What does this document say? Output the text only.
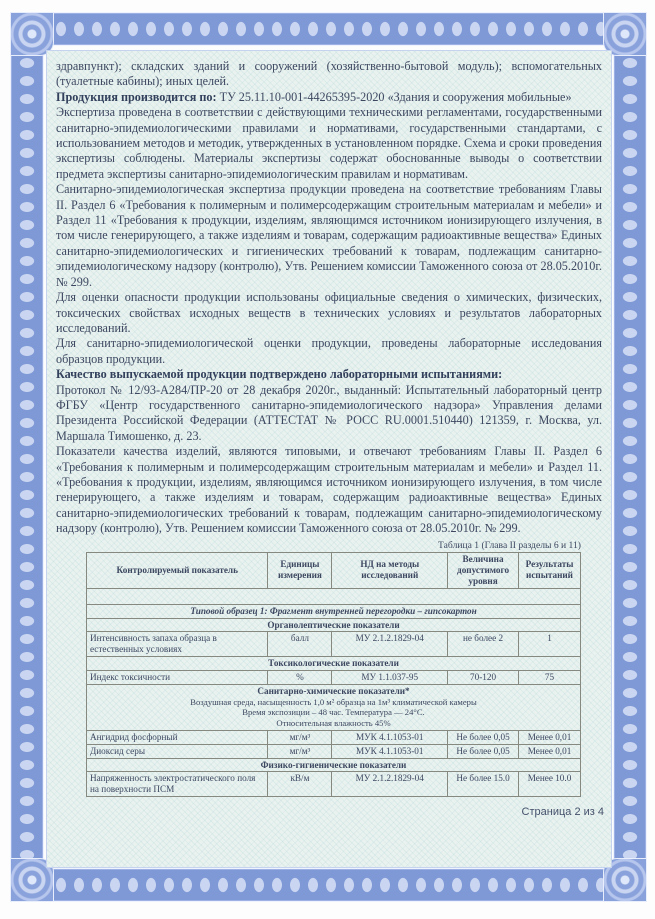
здравпункт); складских зданий и сооружений (хозяйственно-бытовой модуль); вспомогательных (туалетные кабины); иных целей.

Продукция производится по: ТУ 25.11.10-001-44265395-2020 «Здания и сооружения мобильные»

Экспертиза проведена в соответствии с действующими техническими регламентами, государственными санитарно-эпидемиологическими правилами и нормативами, государственными стандартами, с использованием методов и методик, утвержденных в установленном порядке. Схема и сроки проведения экспертизы соблюдены. Материалы экспертизы содержат обоснованные выводы о соответствии предмета экспертизы санитарно-эпидемиологическим правилам и нормативам.

Санитарно-эпидемиологическая экспертиза продукции проведена на соответствие требованиям Главы II. Раздел 6 «Требования к полимерным и полимерсодержащим строительным материалам и мебели» и Раздел 11 «Требования к продукции, изделиям, являющимся источником ионизирующего излучения, в том числе генерирующего, а также изделиям и товарам, содержащим радиоактивные вещества» Единых санитарно-эпидемиологических и гигиенических требований к товарам, подлежащим санитарно-эпидемиологическому надзору (контролю), Утв. Решением комиссии Таможенного союза от 28.05.2010г. № 299.

Для оценки опасности продукции использованы официальные сведения о химических, физических, токсических свойствах исходных веществ в технических условиях и результатов лабораторных исследований.

Для санитарно-эпидемиологической оценки продукции, проведены лабораторные исследования образцов продукции.

Качество выпускаемой продукции подтверждено лабораторными испытаниями:

Протокол № 12/93-А284/ПР-20 от 28 декабря 2020г., выданный: Испытательный лабораторный центр ФГБУ «Центр государственного санитарно-эпидемиологического надзора» Управления делами Президента Российской Федерации (АТТЕСТАТ № РОСС RU.0001.510440) 121359, г. Москва, ул. Маршала Тимошенко, д. 23.

Показатели качества изделий, являются типовыми, и отвечают требованиям Главы II. Раздел 6 «Требования к полимерным и полимерсодержащим строительным материалам и мебели» и Раздел 11. «Требования к продукции, изделиям, являющимся источником ионизирующего излучения, в том числе генерирующего, а также изделиям и товарам, содержащим радиоактивные вещества» Единых санитарно-эпидемиологических требований к товарам, подлежащим санитарно-эпидемиологическому надзору (контролю), Утв. Решением комиссии Таможенного союза от 28.05.2010г. № 299.

Таблица 1 (Глава II разделы 6 и 11)
Контролируемый показатель	Единицы измерения	НД на методы исследований	Величина допустимого уровня	Результаты испытаний

Типовой образец 1: Фрагмент внутренней перегородки – гипсокартон				
Органолептические показатели				
Интенсивность запаха образца в естественных условиях	балл	МУ 2.1.2.1829-04	не более 2	1
Токсикологические показатели				
Индекс токсичности	%	МУ 1.1.037-95	70-120	75

Санитарно-химические показатели*
Воздушная среда, насыщенность 1,0 м² образца на 1м³ климатической камеры
Время экспозиции – 48 час. Температура — 24°С.
Относительная влажность 45%				

Ангидрид фосфорный	мг/м³	МУК 4.1.1053-01	Не более 0,05	Менее 0,01
Диоксид серы	мг/м³	МУК 4.1.1053-01	Не более 0,05	Менее 0,01
Физико-гигиенические показатели				
Напряженность электростатического поля на поверхности ПСМ	кВ/м	МУ 2.1.2.1829-04	Не более 15.0	Менее 10.0
Страница 2 из 4
